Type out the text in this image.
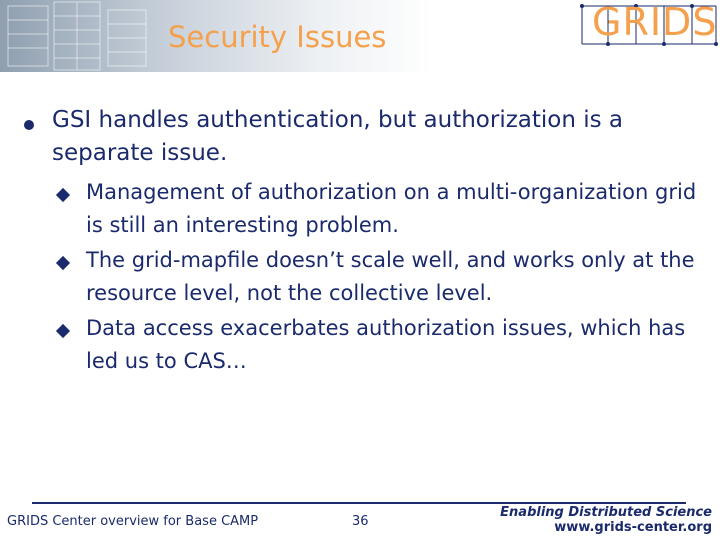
Security Issues	GRIDS
GSI handles authentication, but authorization is a separate issue.
Management of authorization on a multi-organization grid is still an interesting problem.
The grid-mapfile doesn’t scale well, and works only at the resource level, not the collective level.
Data access exacerbates authorization issues, which has led us to CAS…
GRIDS Center overview for Base CAMP	36
Enabling Distributed Science
www.grids-center.org
